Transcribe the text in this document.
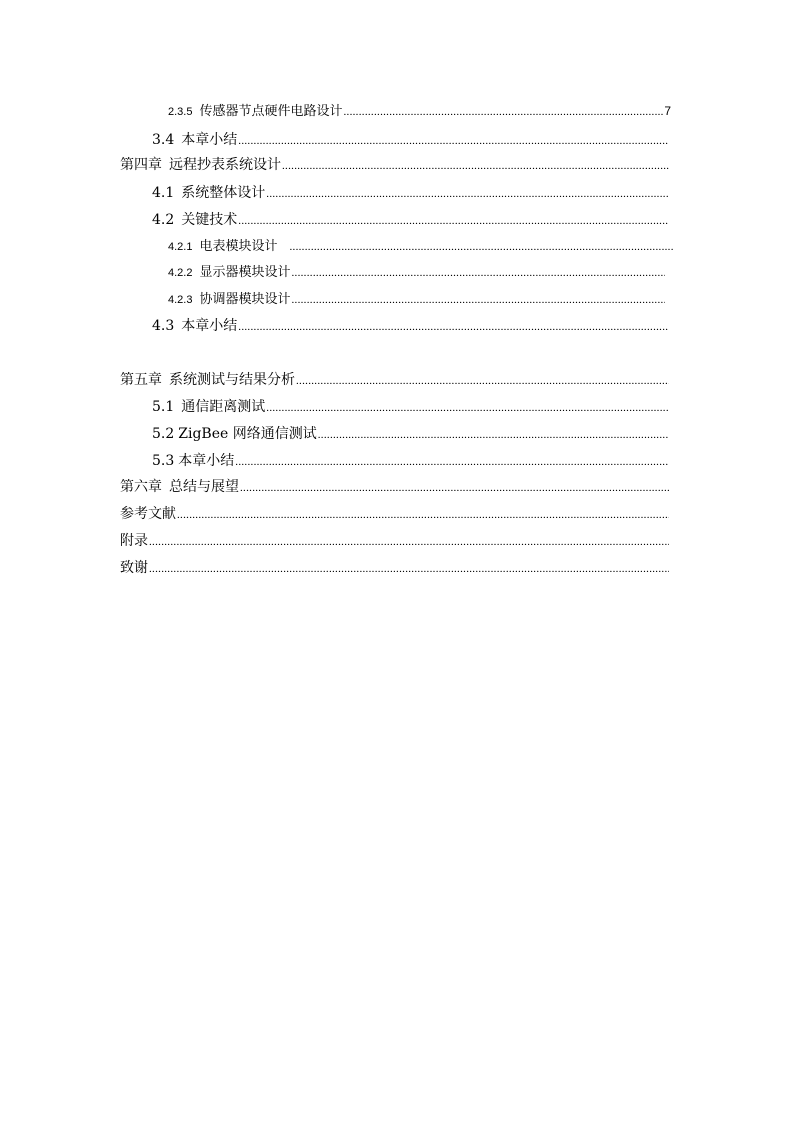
2.3.5 传感器节点硬件电路设计
.....	7
3.4 本章小结
.....
第四章 远程抄表系统设计
.....
4.1 系统整体设计
.....
4.2 关键技术
.....
4.2.1 电表模块设计
.....
4.2.2 显示器模块设计
.....
4.2.3 协调器模块设计
.....
4.3 本章小结
.....
第五章 系统测试与结果分析
.....
5.1 通信距离测试
.....
5.2 ZigBee 网络通信测试
.....
5.3 本章小结
.....
第六章 总结与展望
.....
参考文献
.....
附录
.....
致谢
.....
